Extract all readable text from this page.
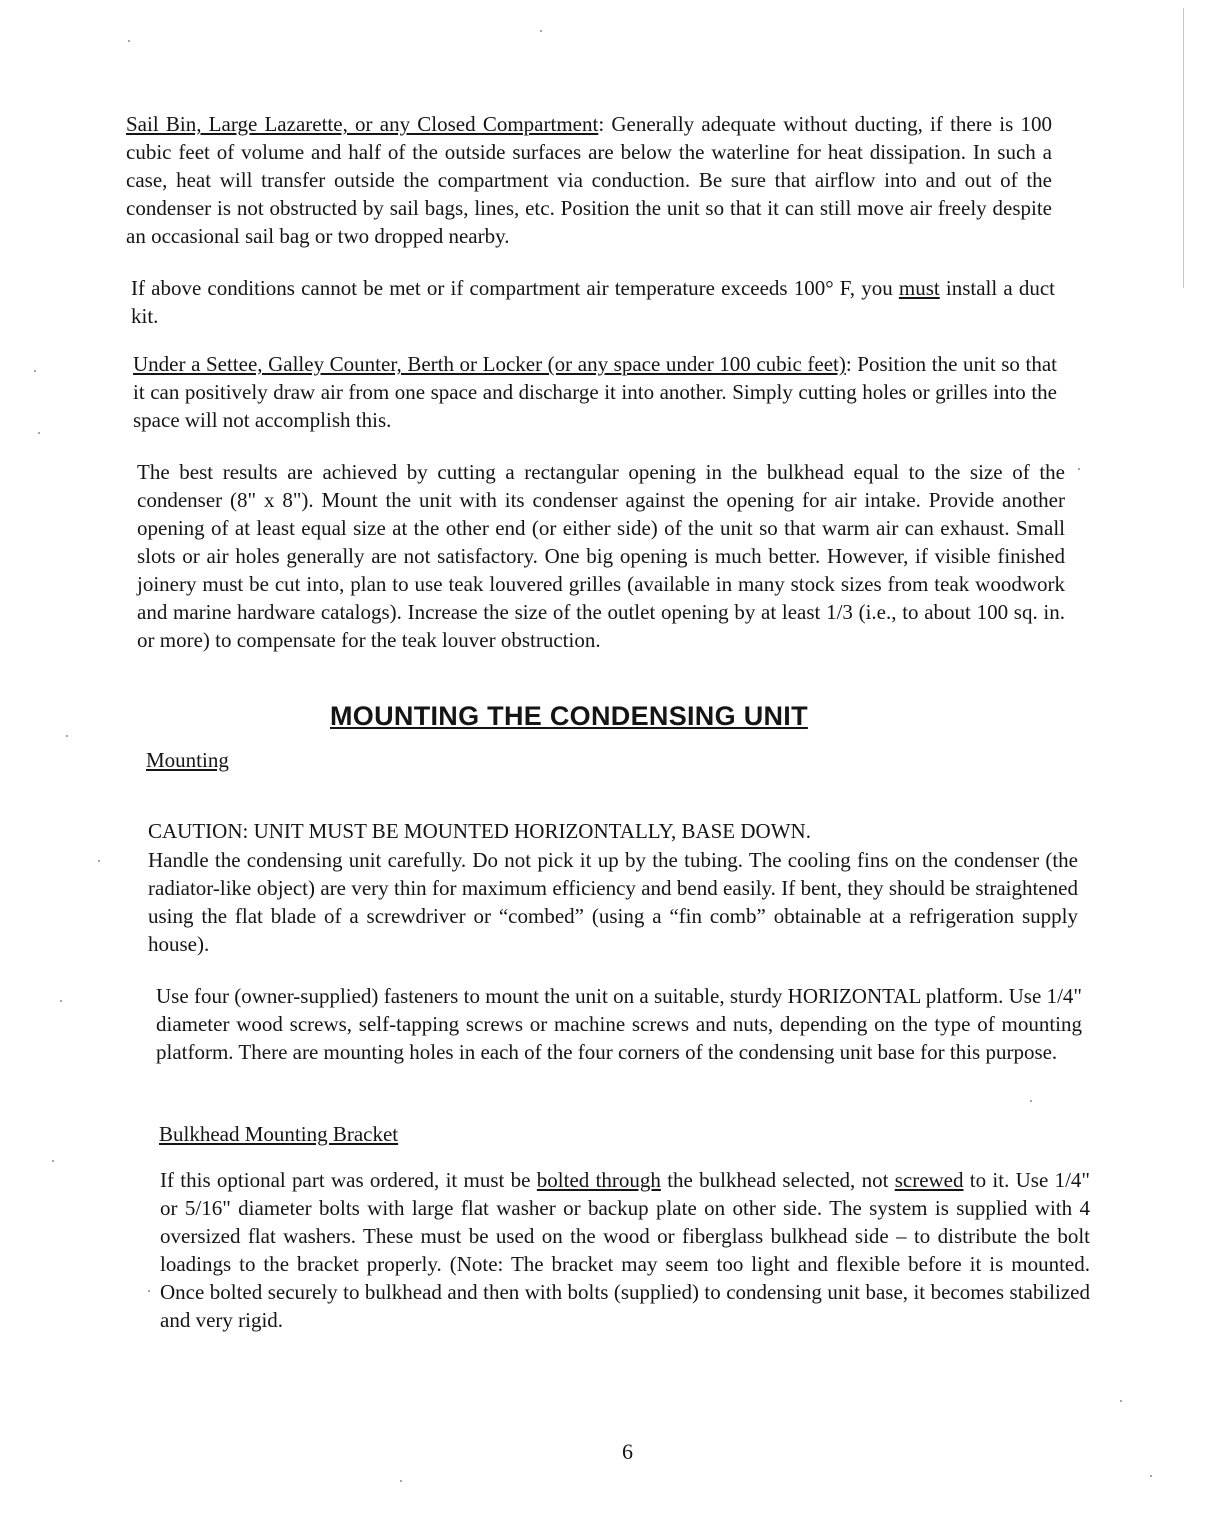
Sail Bin, Large Lazarette, or any Closed Compartment: Generally adequate without ducting, if there is 100 cubic feet of volume and half of the outside surfaces are below the waterline for heat dissipation. In such a case, heat will transfer outside the compartment via conduction. Be sure that airflow into and out of the condenser is not obstructed by sail bags, lines, etc. Position the unit so that it can still move air freely despite an occasional sail bag or two dropped nearby.

If above conditions cannot be met or if compartment air temperature exceeds 100° F, you must install a duct kit.

Under a Settee, Galley Counter, Berth or Locker (or any space under 100 cubic feet): Position the unit so that it can positively draw air from one space and discharge it into another. Simply cutting holes or grilles into the space will not accomplish this.

The best results are achieved by cutting a rectangular opening in the bulkhead equal to the size of the condenser (8" x 8"). Mount the unit with its condenser against the opening for air intake. Provide another opening of at least equal size at the other end (or either side) of the unit so that warm air can exhaust. Small slots or air holes generally are not satisfactory. One big opening is much better. However, if visible finished joinery must be cut into, plan to use teak louvered grilles (available in many stock sizes from teak woodwork and marine hardware catalogs). Increase the size of the outlet opening by at least 1/3 (i.e., to about 100 sq. in. or more) to compensate for the teak louver obstruction.

MOUNTING THE CONDENSING UNIT

Mounting

CAUTION: UNIT MUST BE MOUNTED HORIZONTALLY, BASE DOWN.

Handle the condensing unit carefully. Do not pick it up by the tubing. The cooling fins on the condenser (the radiator-like object) are very thin for maximum efficiency and bend easily. If bent, they should be straightened using the flat blade of a screwdriver or “combed” (using a “fin comb” obtainable at a refrigeration supply house).

Use four (owner-supplied) fasteners to mount the unit on a suitable, sturdy HORIZONTAL platform. Use 1/4" diameter wood screws, self-tapping screws or machine screws and nuts, depending on the type of mounting platform. There are mounting holes in each of the four corners of the condensing unit base for this purpose.

Bulkhead Mounting Bracket

If this optional part was ordered, it must be bolted through the bulkhead selected, not screwed to it. Use 1/4" or 5/16" diameter bolts with large flat washer or backup plate on other side. The system is supplied with 4 oversized flat washers. These must be used on the wood or fiberglass bulkhead side – to distribute the bolt loadings to the bracket properly. (Note: The bracket may seem too light and flexible before it is mounted. Once bolted securely to bulkhead and then with bolts (supplied) to condensing unit base, it becomes stabilized and very rigid.

6
